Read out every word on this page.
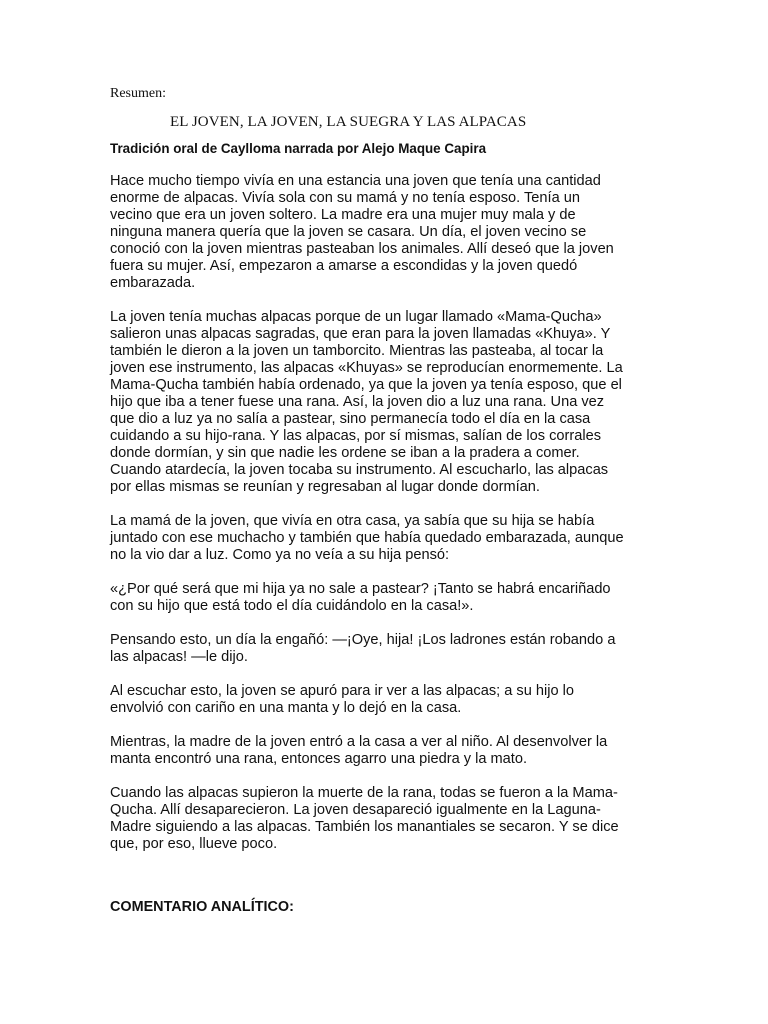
Resumen:
EL JOVEN, LA JOVEN, LA SUEGRA Y LAS ALPACAS
Tradición oral de Caylloma narrada por Alejo Maque Capira
Hace mucho tiempo vivía en una estancia una joven que tenía una cantidad
enorme de alpacas. Vivía sola con su mamá y no tenía esposo. Tenía un
vecino que era un joven soltero. La madre era una mujer muy mala y de
ninguna manera quería que la joven se casara. Un día, el joven vecino se
conoció con la joven mientras pasteaban los animales. Allí deseó que la joven
fuera su mujer. Así, empezaron a amarse a escondidas y la joven quedó
embarazada.
La joven tenía muchas alpacas porque de un lugar llamado «Mama-Qucha»
salieron unas alpacas sagradas, que eran para la joven llamadas «Khuya». Y
también le dieron a la joven un tamborcito. Mientras las pasteaba, al tocar la
joven ese instrumento, las alpacas «Khuyas» se reproducían enormemente. La
Mama-Qucha también había ordenado, ya que la joven ya tenía esposo, que el
hijo que iba a tener fuese una rana. Así, la joven dio a luz una rana. Una vez
que dio a luz ya no salía a pastear, sino permanecía todo el día en la casa
cuidando a su hijo-rana. Y las alpacas, por sí mismas, salían de los corrales
donde dormían, y sin que nadie les ordene se iban a la pradera a comer.
Cuando atardecía, la joven tocaba su instrumento. Al escucharlo, las alpacas
por ellas mismas se reunían y regresaban al lugar donde dormían.
La mamá de la joven, que vivía en otra casa, ya sabía que su hija se había
juntado con ese muchacho y también que había quedado embarazada, aunque
no la vio dar a luz. Como ya no veía a su hija pensó:
«¿Por qué será que mi hija ya no sale a pastear? ¡Tanto se habrá encariñado
con su hijo que está todo el día cuidándolo en la casa!».
Pensando esto, un día la engañó: —¡Oye, hija! ¡Los ladrones están robando a
las alpacas! —le dijo.
Al escuchar esto, la joven se apuró para ir ver a las alpacas; a su hijo lo
envolvió con cariño en una manta y lo dejó en la casa.
Mientras, la madre de la joven entró a la casa a ver al niño. Al desenvolver la
manta encontró una rana, entonces agarro una piedra y la mato.
Cuando las alpacas supieron la muerte de la rana, todas se fueron a la Mama-
Qucha. Allí desaparecieron. La joven desapareció igualmente en la Laguna-
Madre siguiendo a las alpacas. También los manantiales se secaron. Y se dice
que, por eso, llueve poco.
COMENTARIO ANALÍTICO:
